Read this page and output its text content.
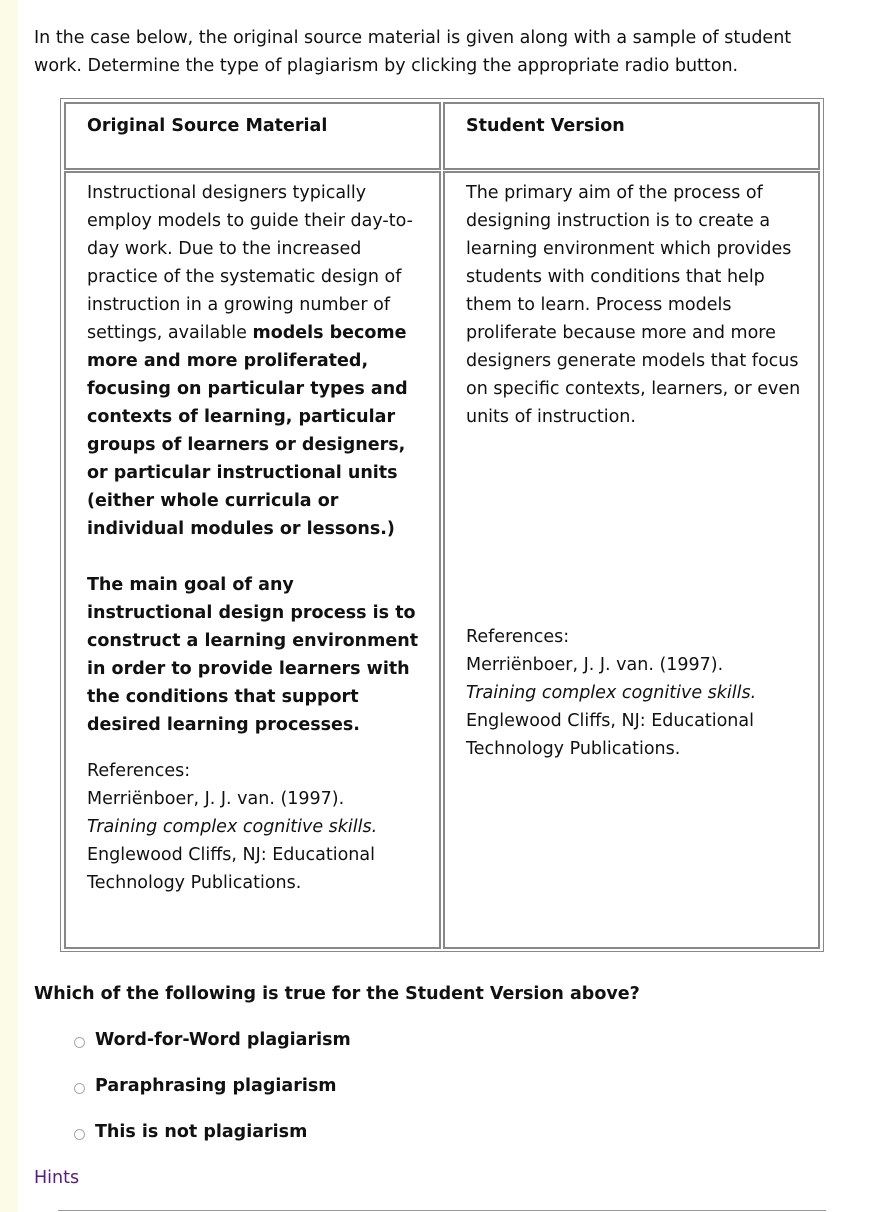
In the case below, the original source material is given along with a sample of student work. Determine the type of plagiarism by clicking the appropriate radio button.

Original Source Material	Student Version

Instructional designers typically employ models to guide their day-to-day work. Due to the increased practice of the systematic design of instruction in a growing number of settings, available models become more and more proliferated, focusing on particular types and contexts of learning, particular groups of learners or designers, or particular instructional units (either whole curricula or individual modules or lessons.)

The main goal of any instructional design process is to construct a learning environment in order to provide learners with the conditions that support desired learning processes.

References:
Merriënboer, J. J. van. (1997).
Training complex cognitive skills.
Englewood Cliffs, NJ: Educational Technology Publications.

The primary aim of the process of designing instruction is to create a learning environment which provides students with conditions that help them to learn. Process models proliferate because more and more designers generate models that focus on specific contexts, learners, or even units of instruction.

References:
Merriënboer, J. J. van. (1997).
Training complex cognitive skills.
Englewood Cliffs, NJ: Educational Technology Publications.

Which of the following is true for the Student Version above?

Word-for-Word plagiarism
Paraphrasing plagiarism
This is not plagiarism
Hints
